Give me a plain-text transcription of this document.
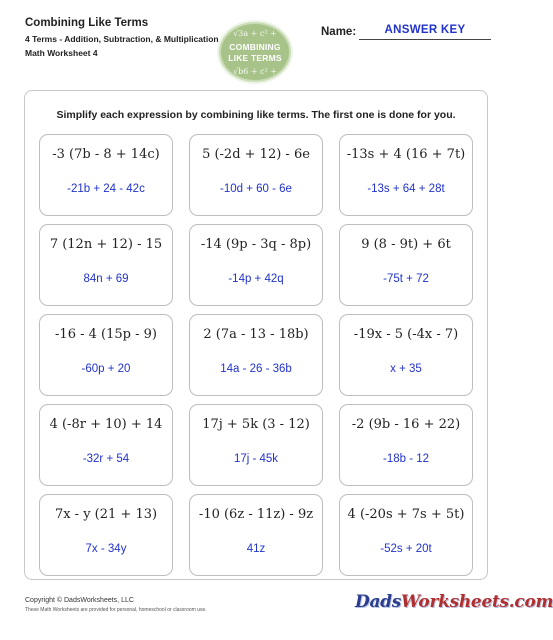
Combining Like Terms
4 Terms - Addition, Subtraction, & Multiplication
Math Worksheet 4
√3a + c² +
COMBINING LIKE TERMS
√b6 + c² +
Name:	ANSWER KEY
Simplify each expression by combining like terms. The first one is done for you.
-3 (7b - 8 + 14c)
-21b + 24 - 42c
5 (-2d + 12) - 6e
-10d + 60 - 6e
-13s + 4 (16 + 7t)
-13s + 64 + 28t
7 (12n + 12) - 15
84n + 69
-14 (9p - 3q - 8p)
-14p + 42q
9 (8 - 9t) + 6t
-75t + 72
-16 - 4 (15p - 9)
-60p + 20
2 (7a - 13 - 18b)
14a - 26 - 36b
-19x - 5 (-4x - 7)
x + 35
4 (-8r + 10) + 14
-32r + 54
17j + 5k (3 - 12)
17j - 45k
-2 (9b - 16 + 22)
-18b - 12
7x - y (21 + 13)
7x - 34y
-10 (6z - 11z) - 9z
41z
4 (-20s + 7s + 5t)
-52s + 20t
Copyright © DadsWorksheets, LLC
These Math Worksheets are provided for personal, homeschool or classroom use.	DadsWorksheets.com
